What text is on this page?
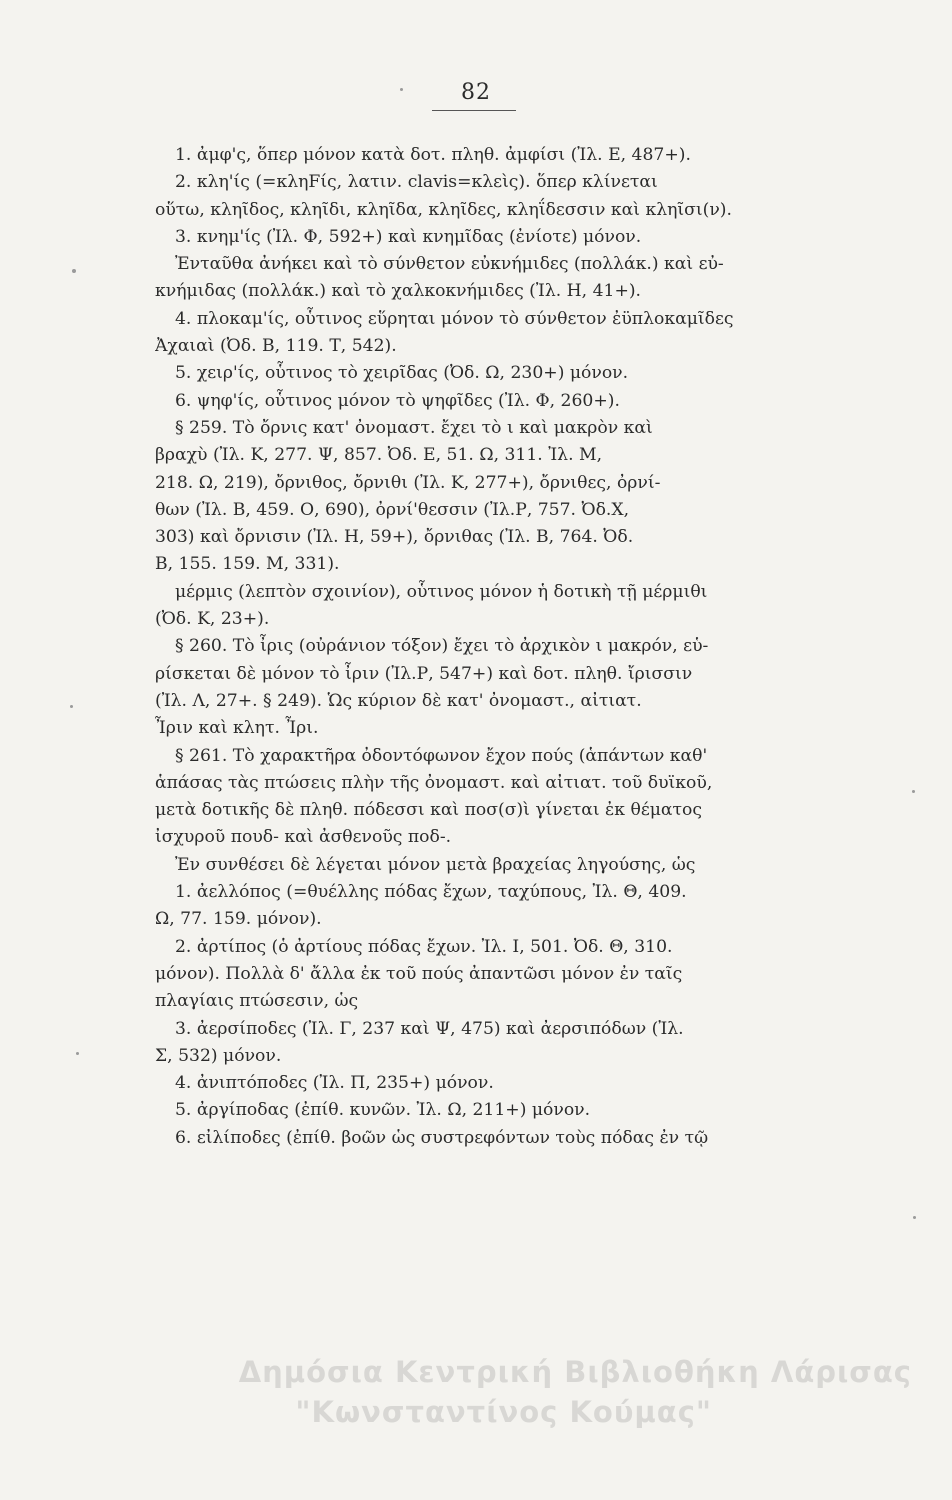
82
1. ἀμφ'ς, ὅπερ μόνον κατὰ δοτ. πληθ. ἀμφίσι (Ἰλ. Ε, 487+).
2. κλη'ίς (=κληFίς, λατιν. clavis=κλεὶς). ὅπερ κλίνεται
οὕτω, κληῖδος, κληῖδι, κληῖδα, κληῖδες, κληΐδεσσιν καὶ κληῖσι(ν).
3. κνημ'ίς (Ἰλ. Φ, 592+) καὶ κνημῖδας (ἐνίοτε) μόνον.
Ἐνταῦθα ἀνήκει καὶ τὸ σύνθετον εὐκνήμιδες (πολλάκ.) καὶ εὐ-
κνήμιδας (πολλάκ.) καὶ τὸ χαλκοκνήμιδες (Ἰλ. Η, 41+).
4. πλοκαμ'ίς, οὗτινος εὕρηται μόνον τὸ σύνθετον ἐϋπλοκαμῖδες
Ἀχαιαὶ (Ὀδ. Β, 119. Τ, 542).
5. χειρ'ίς, οὗτινος τὸ χειρῖδας (Ὀδ. Ω, 230+) μόνον.
6. ψηφ'ίς, οὗτινος μόνον τὸ ψηφῖδες (Ἰλ. Φ, 260+).
§ 259. Τὸ ὄρνις κατ' ὀνομαστ. ἔχει τὸ ι καὶ μακρὸν καὶ
βραχὺ (Ἰλ. Κ, 277. Ψ, 857. Ὀδ. Ε, 51. Ω, 311. Ἰλ. Μ,
218. Ω, 219), ὄρνιθος, ὄρνιθι (Ἰλ. Κ, 277+), ὄρνιθες, ὀρνί-
θων (Ἰλ. Β, 459. Ο, 690), ὀρνί'θεσσιν (Ἰλ.Ρ, 757. Ὀδ.Χ,
303) καὶ ὄρνισιν (Ἰλ. Η, 59+), ὄρνιθας (Ἰλ. Β, 764. Ὀδ.
Β, 155. 159. Μ, 331).
μέρμις (λεπτὸν σχοινίον), οὗτινος μόνον ἡ δοτικὴ τῇ μέρμιθι
(Ὀδ. Κ, 23+).
§ 260. Τὸ ἶρις (οὐράνιον τόξον) ἔχει τὸ ἀρχικὸν ι μακρόν, εὑ-
ρίσκεται δὲ μόνον τὸ ἶριν (Ἰλ.Ρ, 547+) καὶ δοτ. πληθ. ἴρισσιν
(Ἰλ. Λ, 27+. § 249). Ὡς κύριον δὲ κατ' ὀνομαστ., αἰτιατ.
Ἶριν καὶ κλητ. Ἶρι.
§ 261. Τὸ χαρακτῆρα ὀδοντόφωνον ἔχον πούς (ἁπάντων καθ'
ἁπάσας τὰς πτώσεις πλὴν τῆς ὀνομαστ. καὶ αἰτιατ. τοῦ δυϊκοῦ,
μετὰ δοτικῆς δὲ πληθ. πόδεσσι καὶ ποσ(σ)ὶ γίνεται ἐκ θέματος
ἰσχυροῦ πουδ- καὶ ἀσθενοῦς ποδ-.
Ἐν συνθέσει δὲ λέγεται μόνον μετὰ βραχείας ληγούσης, ὡς
1. ἀελλόπος (=θυέλλης πόδας ἔχων, ταχύπους, Ἰλ. Θ, 409.
Ω, 77. 159. μόνον).
2. ἀρτίπος (ὁ ἀρτίους πόδας ἔχων. Ἰλ. Ι, 501. Ὀδ. Θ, 310.
μόνον). Πολλὰ δ' ἄλλα ἐκ τοῦ πούς ἀπαντῶσι μόνον ἐν ταῖς
πλαγίαις πτώσεσιν, ὡς
3. ἀερσίποδες (Ἰλ. Γ, 237 καὶ Ψ, 475) καὶ ἀερσιπόδων (Ἰλ.
Σ, 532) μόνον.
4. ἀνιπτόποδες (Ἰλ. Π, 235+) μόνον.
5. ἀργίποδας (ἐπίθ. κυνῶν. Ἰλ. Ω, 211+) μόνον.
6. εἰλίποδες (ἐπίθ. βοῶν ὡς συστρεφόντων τοὺς πόδας ἐν τῷ
Δημόσια Κεντρική Βιβλιοθήκη Λάρισας
"Κωνσταντίνος Κούμας"
